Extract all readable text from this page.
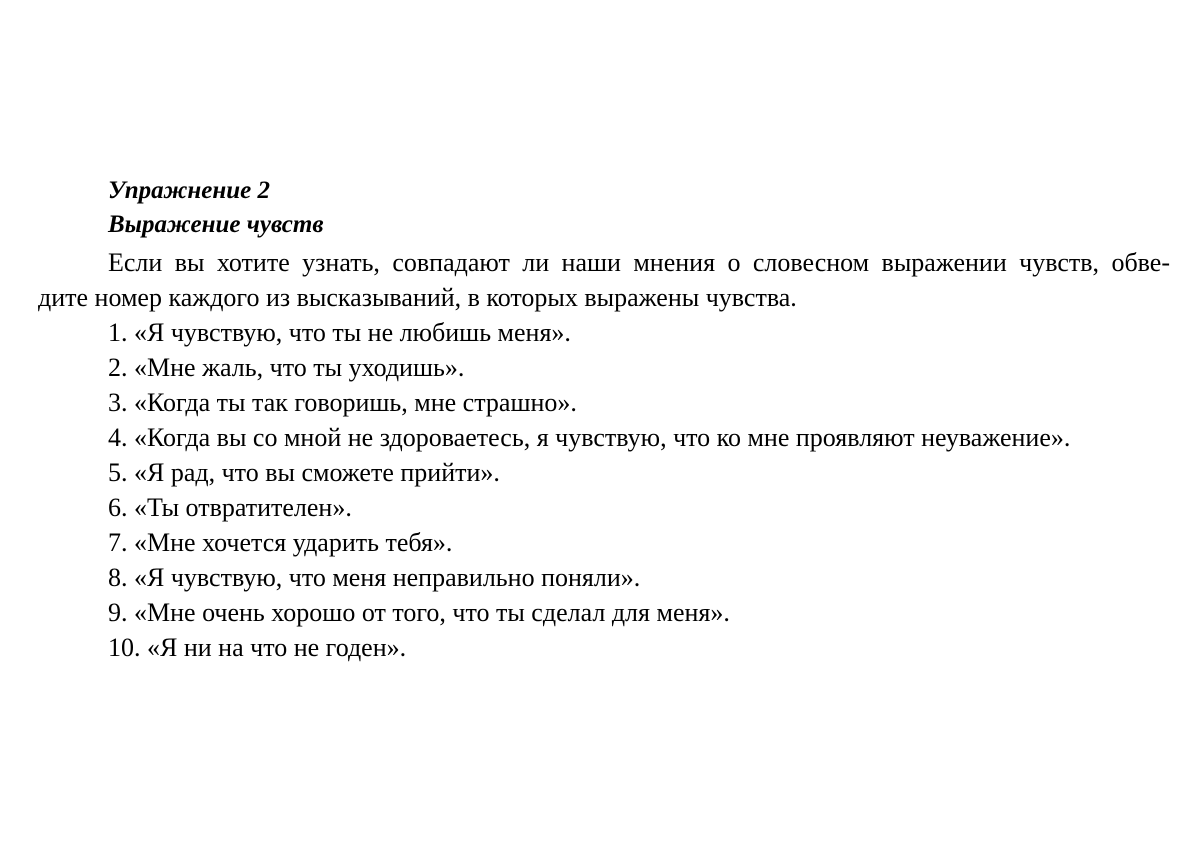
Упражнение 2
Выражение чувств
Если вы хотите узнать, совпадают ли наши мнения о словесном выражении чувств, обве-
дите номер каждого из высказываний, в которых выражены чувства.
1. «Я чувствую, что ты не любишь меня».
2. «Мне жаль, что ты уходишь».
3. «Когда ты так говоришь, мне страшно».
4. «Когда вы со мной не здороваетесь, я чувствую, что ко мне проявляют неуважение».
5. «Я рад, что вы сможете прийти».
6. «Ты отвратителен».
7. «Мне хочется ударить тебя».
8. «Я чувствую, что меня неправильно поняли».
9. «Мне очень хорошо от того, что ты сделал для меня».
10. «Я ни на что не годен».
